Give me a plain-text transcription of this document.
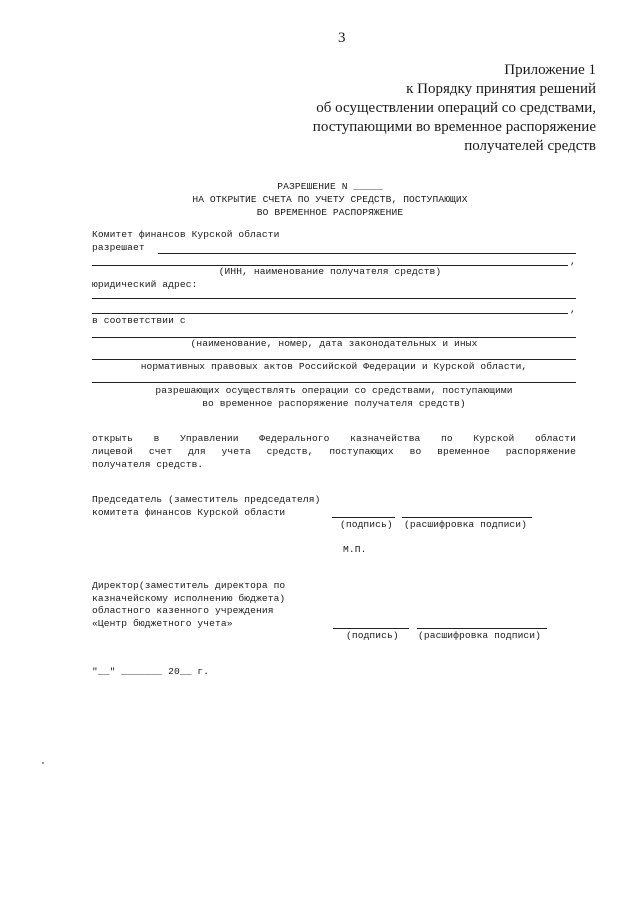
3
Приложение 1
к Порядку принятия решений
об осуществлении операций со средствами,
поступающими во временное распоряжение
получателей средств
РАЗРЕШЕНИЕ N _____
НА ОТКРЫТИЕ СЧЕТА ПО УЧЕТУ СРЕДСТВ, ПОСТУПАЮЩИХ
ВО ВРЕМЕННОЕ РАСПОРЯЖЕНИЕ
Комитет финансов Курской области
разрешает
,
(ИНН, наименование получателя средств)
юридический адрес:
,
в соответствии с
(наименование, номер, дата законодательных и иных
нормативных правовых актов Российской Федерации и Курской области,
разрешающих осуществлять операции со средствами, поступающими
во временное распоряжение получателя средств)
открыть в Управлении Федерального казначейства по Курской области
лицевой счет для учета средств, поступающих во временное распоряжение
получателя средств.
Председатель (заместитель председателя)
комитета финансов Курской области
(подпись) (расшифровка подписи)
М.П.
Директор(заместитель директора по
казначейскому исполнению бюджета)
областного казенного учреждения
«Центр бюджетного учета»
(подпись) (расшифровка подписи)
"__" _______ 20__ г.
